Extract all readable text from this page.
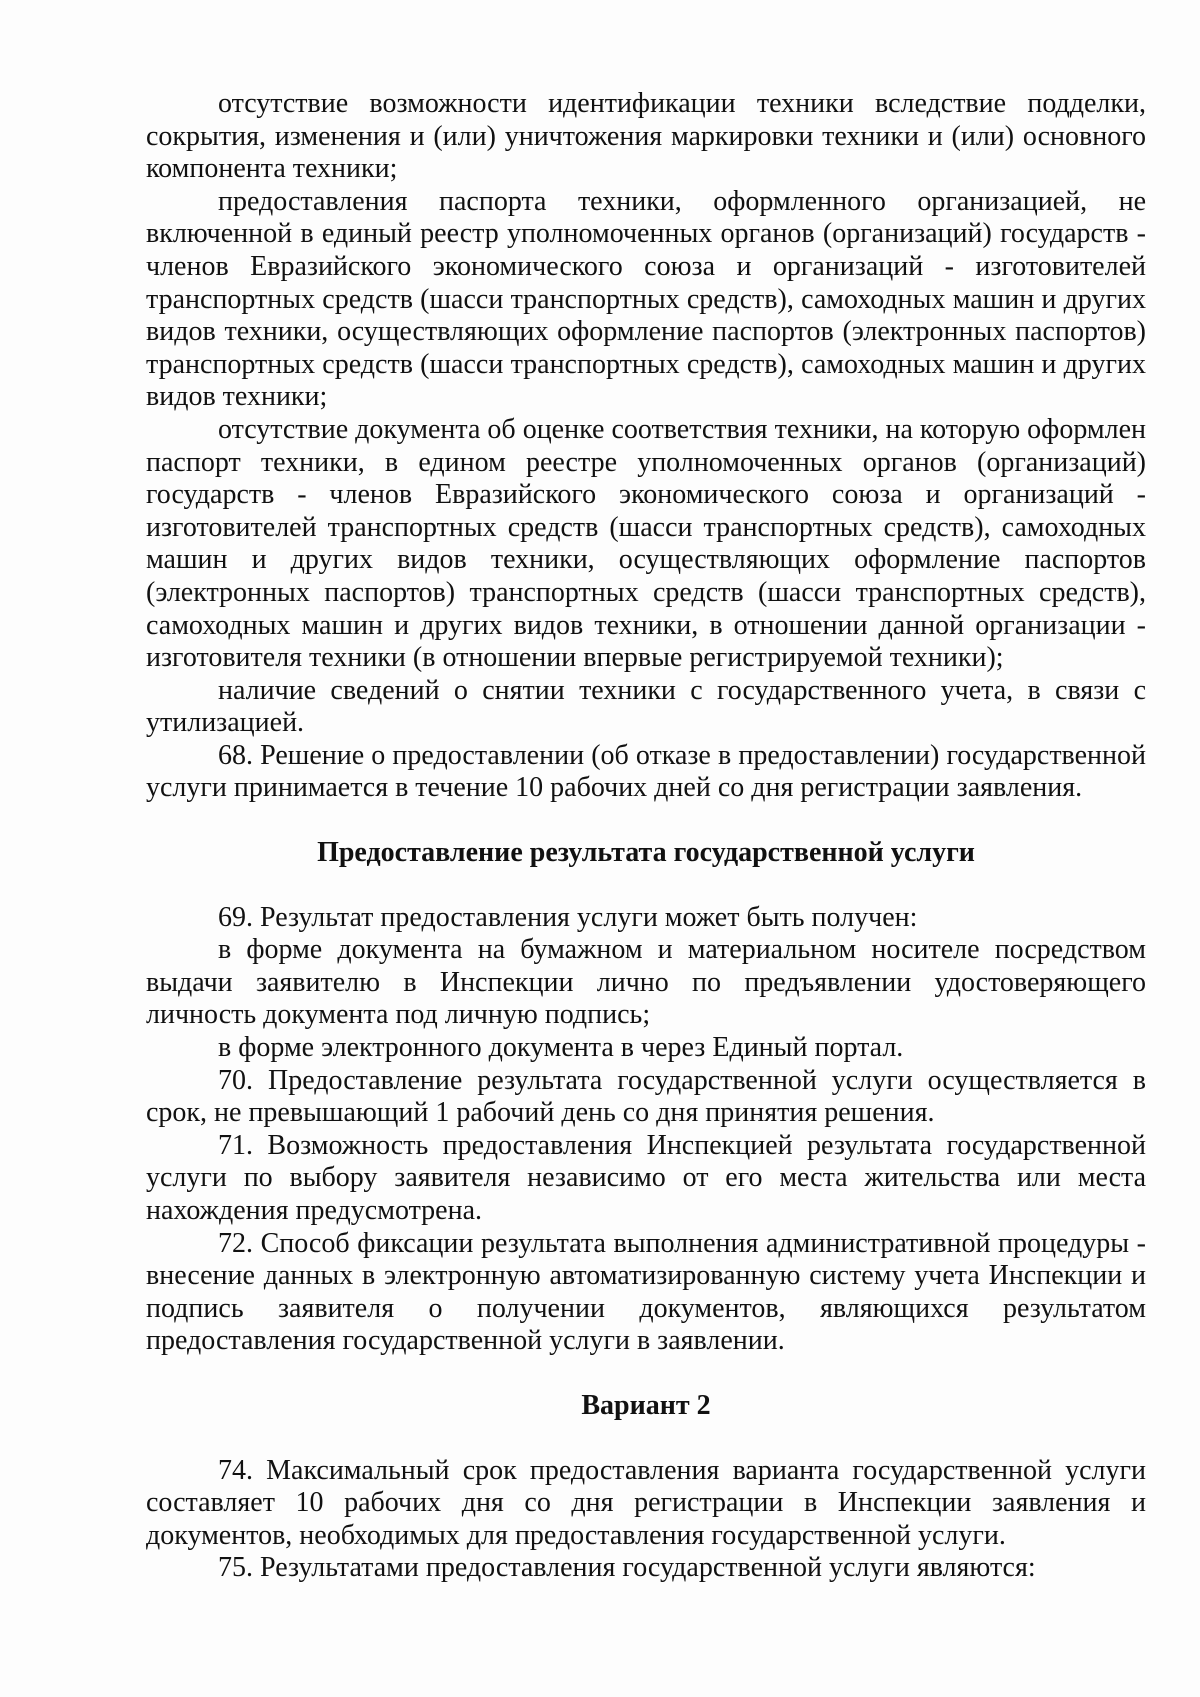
отсутствие возможности идентификации техники вследствие подделки, сокрытия, изменения и (или) уничтожения маркировки техники и (или) основного компонента техники;

предоставления паспорта техники, оформленного организацией, не включенной в единый реестр уполномоченных органов (организаций) государств - членов Евразийского экономического союза и организаций - изготовителей транспортных средств (шасси транспортных средств), самоходных машин и других видов техники, осуществляющих оформление паспортов (электронных паспортов) транспортных средств (шасси транспортных средств), самоходных машин и других видов техники;

отсутствие документа об оценке соответствия техники, на которую оформлен паспорт техники, в едином реестре уполномоченных органов (организаций) государств - членов Евразийского экономического союза и организаций - изготовителей транспортных средств (шасси транспортных средств), самоходных машин и других видов техники, осуществляющих оформление паспортов (электронных паспортов) транспортных средств (шасси транспортных средств), самоходных машин и других видов техники, в отношении данной организации - изготовителя техники (в отношении впервые регистрируемой техники);

наличие сведений о снятии техники с государственного учета, в связи с утилизацией.

68. Решение о предоставлении (об отказе в предоставлении) государственной услуги принимается в течение 10 рабочих дней со дня регистрации заявления.

Предоставление результата государственной услуги

69. Результат предоставления услуги может быть получен:

в форме документа на бумажном и материальном носителе посредством выдачи заявителю в Инспекции лично по предъявлении удостоверяющего личность документа под личную подпись;

в форме электронного документа в через Единый портал.

70. Предоставление результата государственной услуги осуществляется в срок, не превышающий 1 рабочий день со дня принятия решения.

71. Возможность предоставления Инспекцией результата государственной услуги по выбору заявителя независимо от его места жительства или места нахождения предусмотрена.

72. Способ фиксации результата выполнения административной процедуры - внесение данных в электронную автоматизированную систему учета Инспекции и подпись заявителя о получении документов, являющихся результатом предоставления государственной услуги в заявлении.

Вариант 2

74. Максимальный срок предоставления варианта государственной услуги составляет 10 рабочих дня со дня регистрации в Инспекции заявления и документов, необходимых для предоставления государственной услуги.

75. Результатами предоставления государственной услуги являются:
